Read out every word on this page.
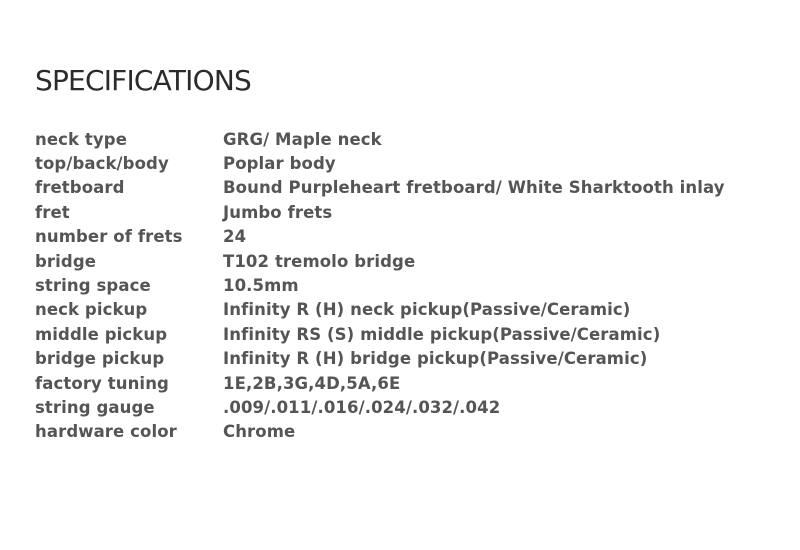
SPECIFICATIONS
neck type	GRG/ Maple neck
top/back/body	Poplar body
fretboard	Bound Purpleheart fretboard/ White Sharktooth inlay
fret	Jumbo frets
number of frets	24
bridge	T102 tremolo bridge
string space	10.5mm
neck pickup	Infinity R (H) neck pickup(Passive/Ceramic)
middle pickup	Infinity RS (S) middle pickup(Passive/Ceramic)
bridge pickup	Infinity R (H) bridge pickup(Passive/Ceramic)
factory tuning	1E,2B,3G,4D,5A,6E
string gauge	.009/.011/.016/.024/.032/.042
hardware color	Chrome
